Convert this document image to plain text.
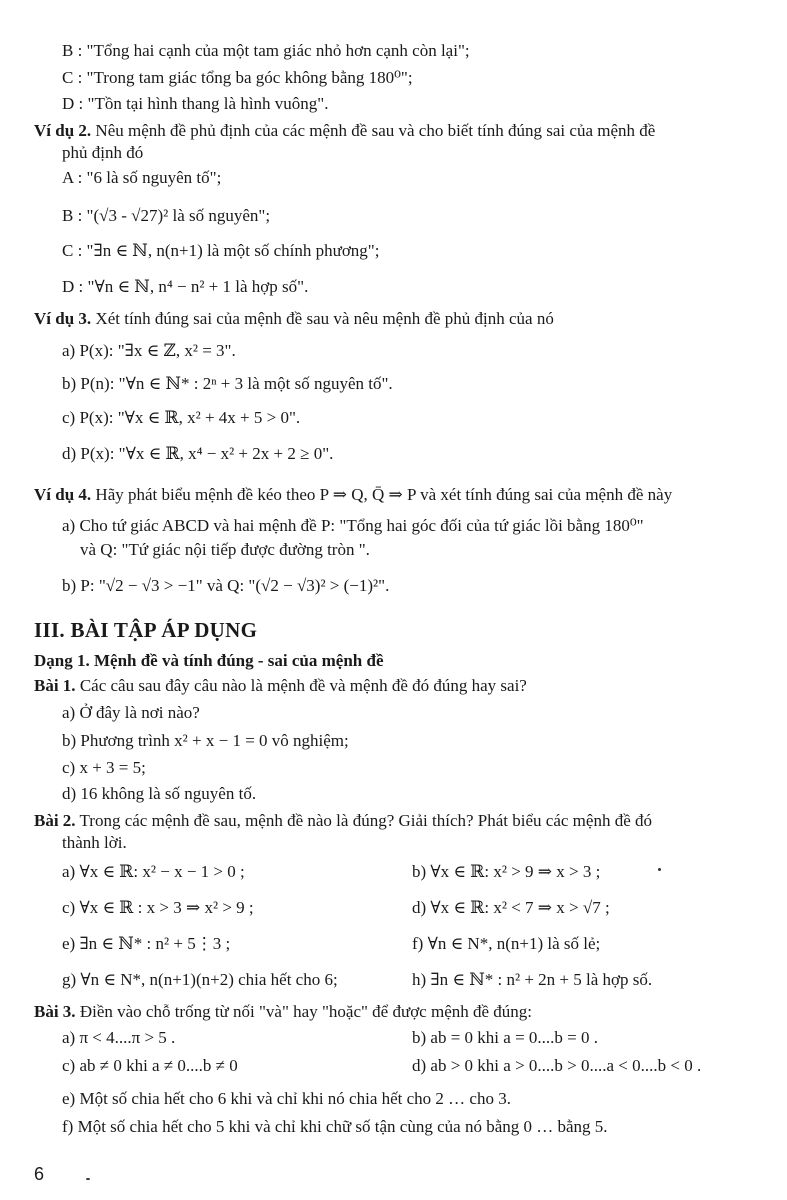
B : "Tổng hai cạnh của một tam giác nhỏ hơn cạnh còn lại";
C : "Trong tam giác tổng ba góc không bằng 180⁰";
D : "Tồn tại hình thang là hình vuông".
Ví dụ 2. Nêu mệnh đề phủ định của các mệnh đề sau và cho biết tính đúng sai của mệnh đề
phủ định đó
A : "6 là số nguyên tố";
B : "(√3 - √27)² là số nguyên";
C : "∃n ∈ ℕ, n(n+1) là một số chính phương";
D : "∀n ∈ ℕ, n⁴ − n² + 1 là hợp số".
Ví dụ 3. Xét tính đúng sai của mệnh đề sau và nêu mệnh đề phủ định của nó
a) P(x): "∃x ∈ ℤ, x² = 3".
b) P(n): "∀n ∈ ℕ* : 2ⁿ + 3 là một số nguyên tố".
c) P(x): "∀x ∈ ℝ, x² + 4x + 5 > 0".
d) P(x): "∀x ∈ ℝ, x⁴ − x² + 2x + 2 ≥ 0".
Ví dụ 4. Hãy phát biểu mệnh đề kéo theo P ⇒ Q, Q̄ ⇒ P và xét tính đúng sai của mệnh đề này
a) Cho tứ giác ABCD và hai mệnh đề P: "Tổng hai góc đối của tứ giác lồi bằng 180⁰"
và Q: "Tứ giác nội tiếp được đường tròn ".
b) P: "√2 − √3 > −1" và Q: "(√2 − √3)² > (−1)²".
III. BÀI TẬP ÁP DỤNG
Dạng 1. Mệnh đề và tính đúng - sai của mệnh đề
Bài 1. Các câu sau đây câu nào là mệnh đề và mệnh đề đó đúng hay sai?
a) Ở đây là nơi nào?
b) Phương trình x² + x − 1 = 0 vô nghiệm;
c) x + 3 = 5;
d) 16 không là số nguyên tố.
Bài 2. Trong các mệnh đề sau, mệnh đề nào là đúng? Giải thích? Phát biểu các mệnh đề đó
thành lời.
a) ∀x ∈ ℝ: x² − x − 1 > 0 ;	b) ∀x ∈ ℝ: x² > 9 ⇒ x > 3 ;
c) ∀x ∈ ℝ : x > 3 ⇒ x² > 9 ;	d) ∀x ∈ ℝ: x² < 7 ⇒ x > √7 ;
e) ∃n ∈ ℕ* : n² + 5⋮3 ;	f) ∀n ∈ N*, n(n+1) là số lẻ;
g) ∀n ∈ N*, n(n+1)(n+2) chia hết cho 6;	h) ∃n ∈ ℕ* : n² + 2n + 5 là hợp số.
Bài 3. Điền vào chỗ trống từ nối "và" hay "hoặc" để được mệnh đề đúng:
a) π < 4....π > 5 .	b) ab = 0 khi a = 0....b = 0 .
c) ab ≠ 0 khi a ≠ 0....b ≠ 0	d) ab > 0 khi a > 0....b > 0....a < 0....b < 0 .
e) Một số chia hết cho 6 khi và chỉ khi nó chia hết cho 2 … cho 3.
f) Một số chia hết cho 5 khi và chỉ khi chữ số tận cùng của nó bằng 0 … bằng 5.
6
